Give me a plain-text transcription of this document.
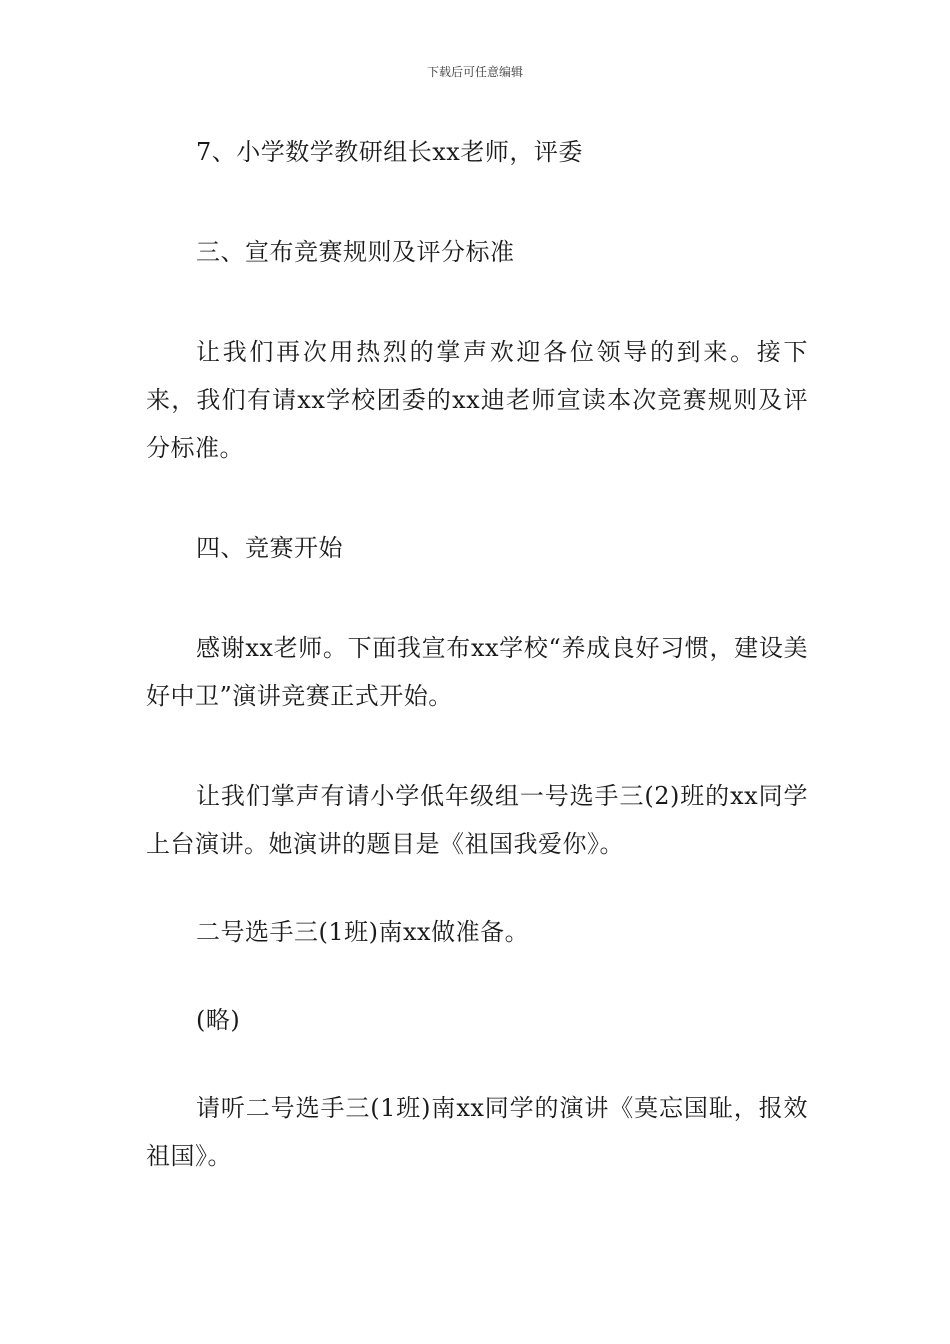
下载后可任意编辑

7、小学数学教研组长xx老师，评委

三、宣布竞赛规则及评分标准

让我们再次用热烈的掌声欢迎各位领导的到来。接下来，我们有请xx学校团委的xx迪老师宣读本次竞赛规则及评分标准。

四、竞赛开始

感谢xx老师。下面我宣布xx学校“养成良好习惯，建设美好中卫”演讲竞赛正式开始。

让我们掌声有请小学低年级组一号选手三(2)班的xx同学上台演讲。她演讲的题目是《祖国我爱你》。

二号选手三(1班)南xx做准备。

(略)

请听二号选手三(1班)南xx同学的演讲《莫忘国耻，报效祖国》。
